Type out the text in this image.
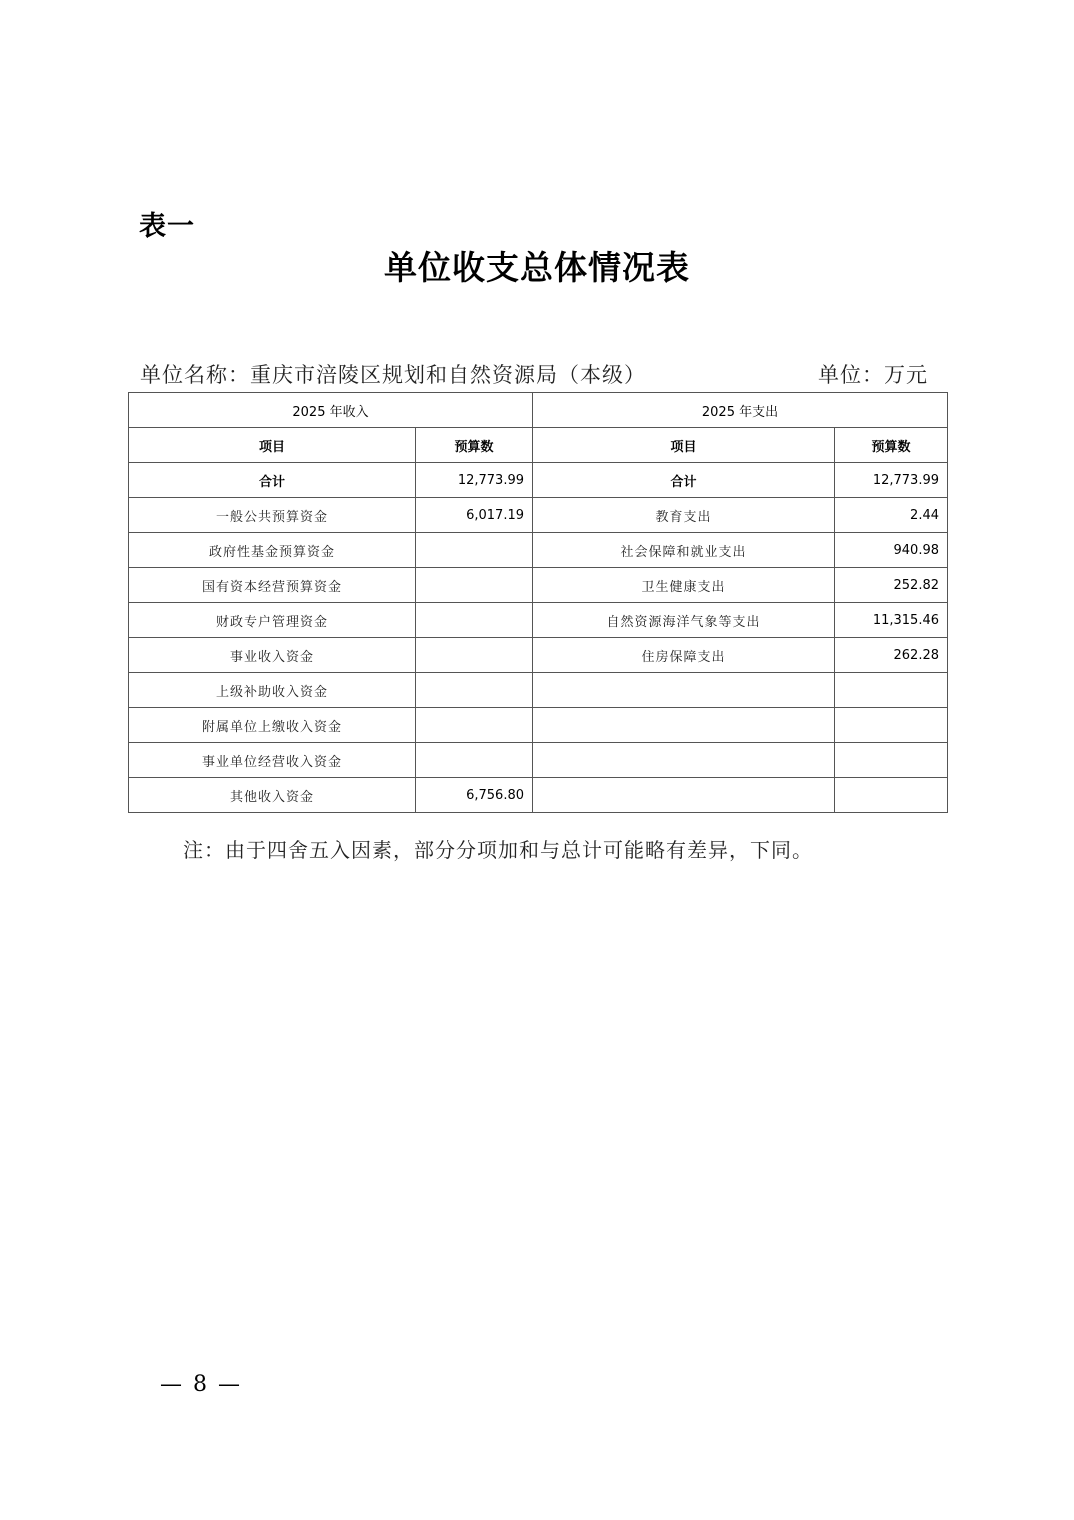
表一
单位收支总体情况表
单位名称：重庆市涪陵区规划和自然资源局（本级）	单位：万元
2025 年收入		2025 年支出	
项目	预算数	项目	预算数
合计	12,773.99	合计	12,773.99
一般公共预算资金	6,017.19	教育支出	2.44
政府性基金预算资金		社会保障和就业支出	940.98
国有资本经营预算资金		卫生健康支出	252.82
财政专户管理资金		自然资源海洋气象等支出	11,315.46
事业收入资金		住房保障支出	262.28
上级补助收入资金			
附属单位上缴收入资金			
事业单位经营收入资金			
其他收入资金	6,756.80		
注：由于四舍五入因素，部分分项加和与总计可能略有差异，下同。
— 8 —
